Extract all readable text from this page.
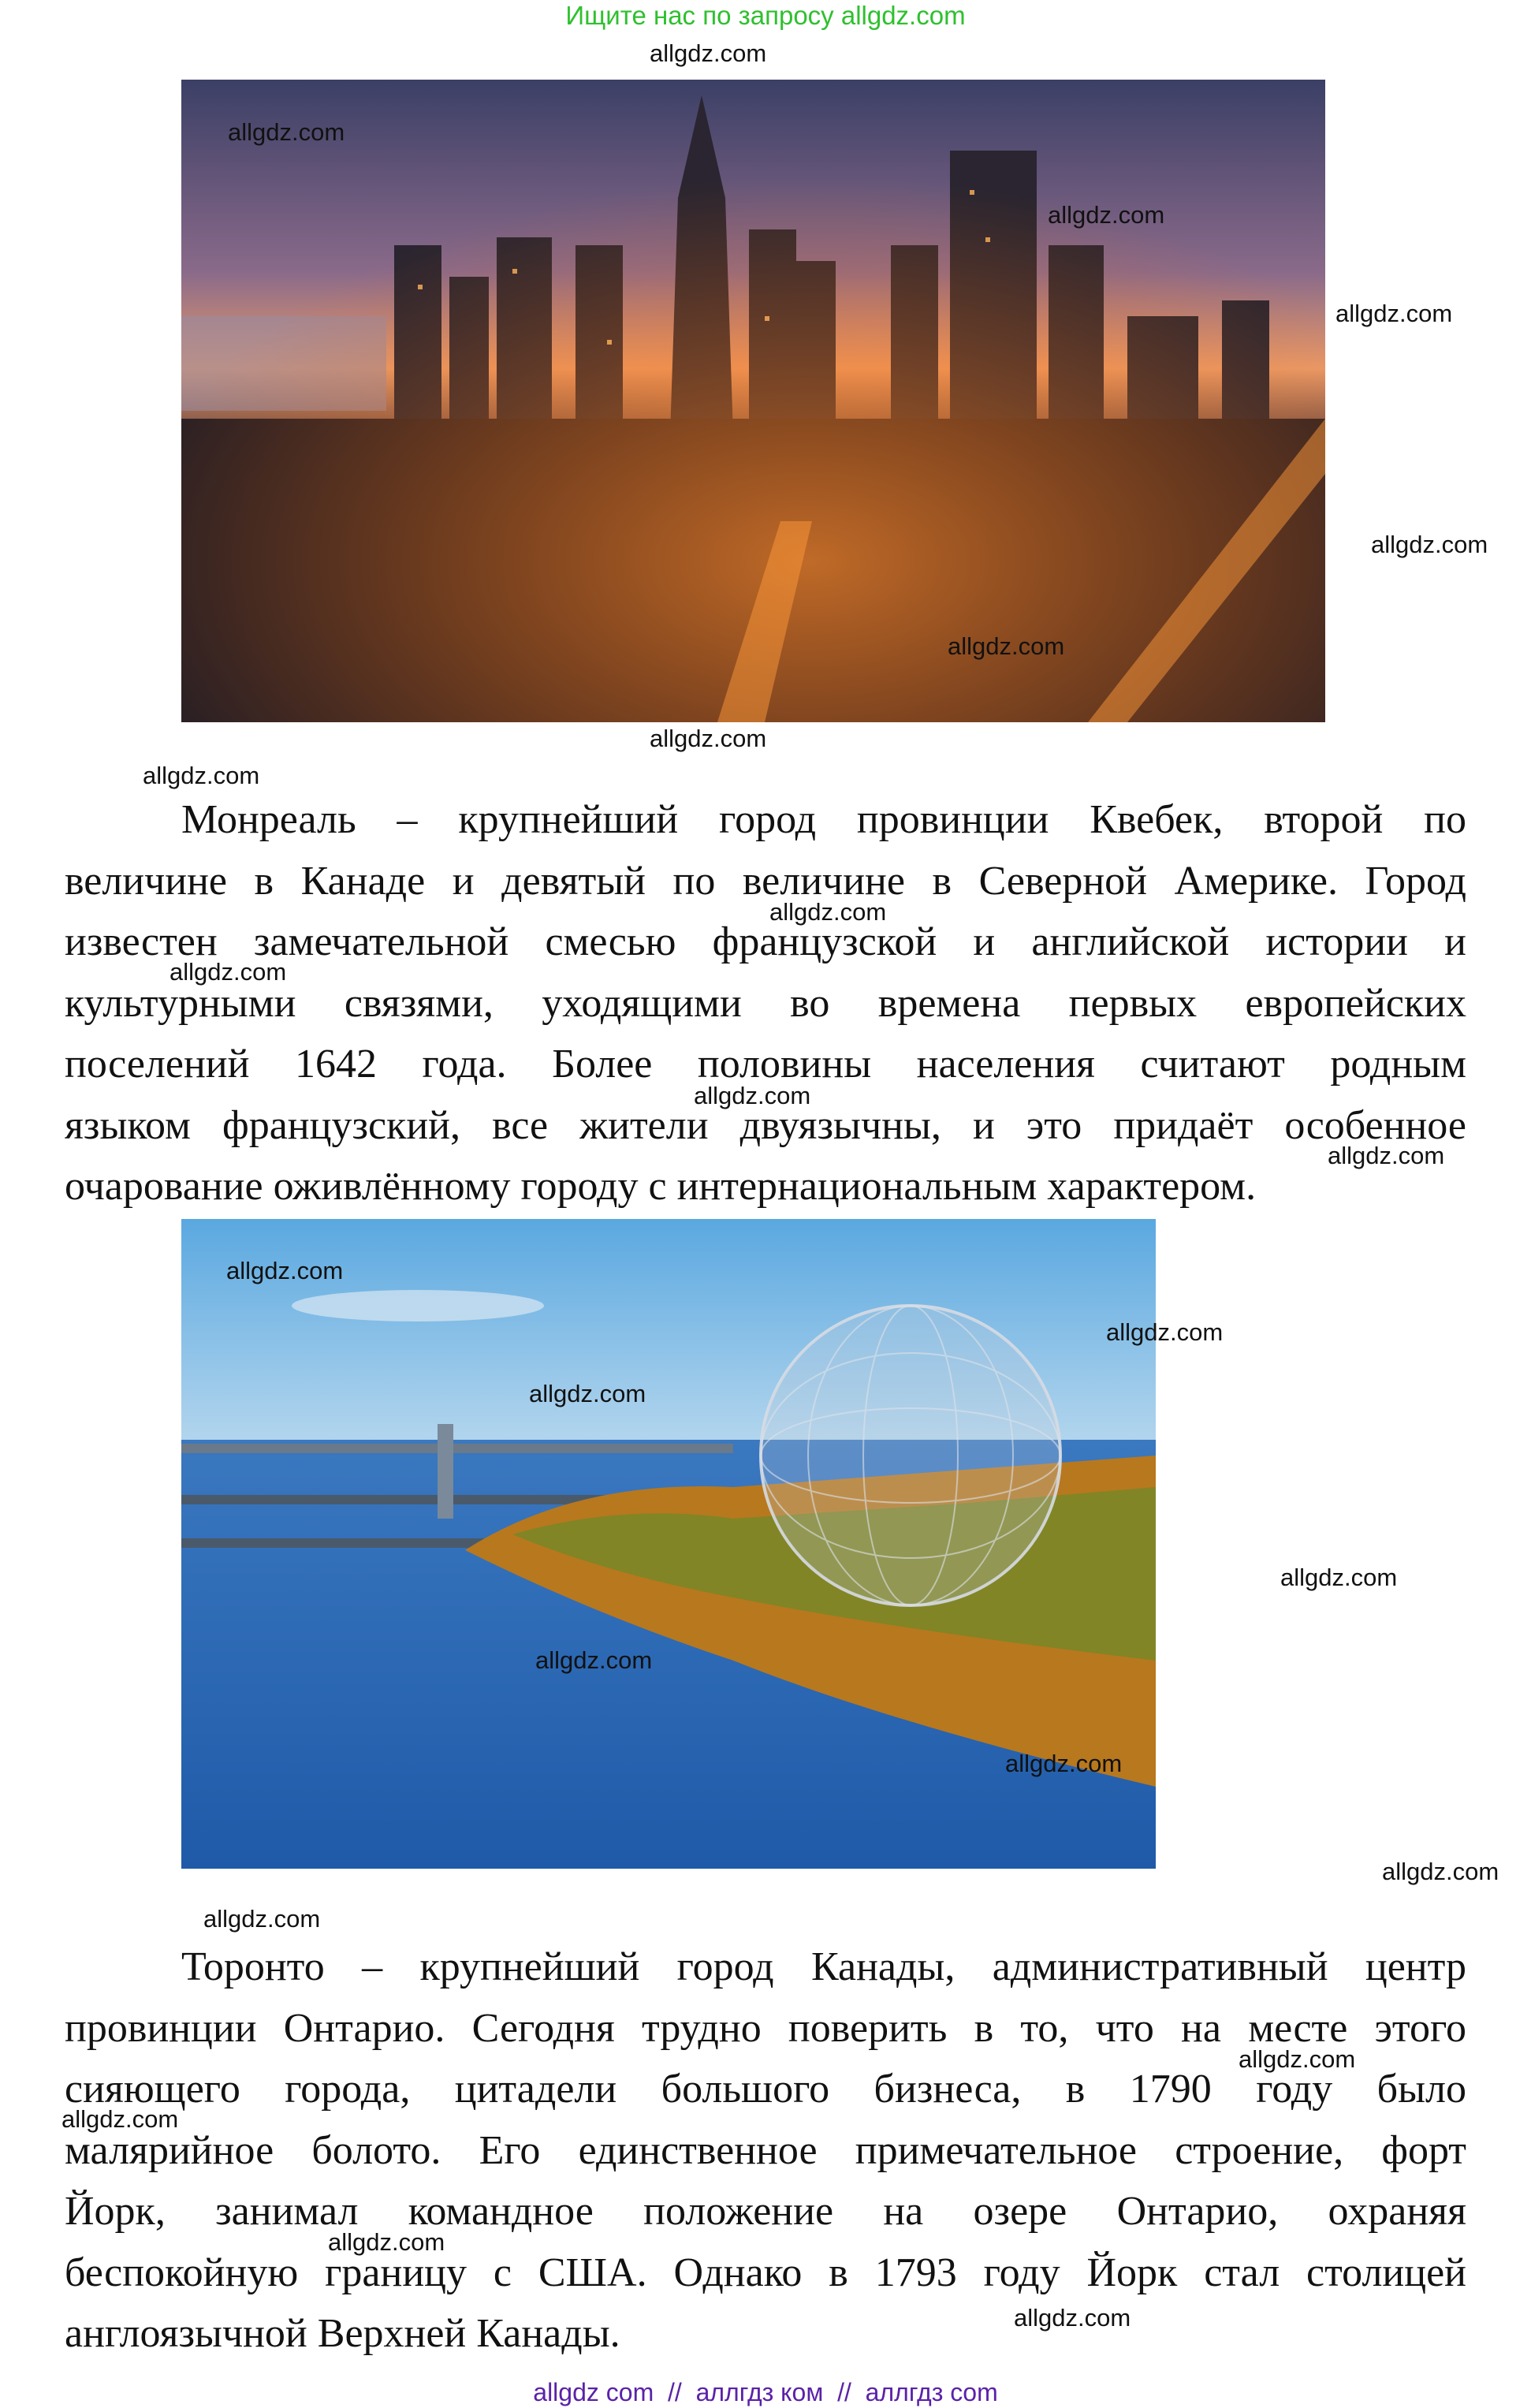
Ищите нас по запросу allgdz.com
allgdz.com
allgdz.com
allgdz.com
allgdz.com
allgdz.com
allgdz.com
allgdz.com
allgdz.com
Монреаль – крупнейший город провинции Квебек, второй по
величине в Канаде и девятый по величине в Северной Америке. Город
известен замечательной смесью французской и английской истории и
культурными связями, уходящими во времена первых европейских
поселений 1642 года. Более половины населения считают родным
языком французский, все жители двуязычны, и это придаёт особенное
очарование оживлённому городу с интернациональным характером.
allgdz.com
allgdz.com
allgdz.com
allgdz.com
allgdz.com
allgdz.com
allgdz.com
allgdz.com
allgdz.com
allgdz.com
allgdz.com
allgdz.com
Торонто – крупнейший город Канады, административный центр
провинции Онтарио. Сегодня трудно поверить в то, что на месте этого
сияющего города, цитадели большого бизнеса, в 1790 году было
малярийное болото. Его единственное примечательное строение, форт
Йорк, занимал командное положение на озере Онтарио, охраняя
беспокойную границу с США. Однако в 1793 году Йорк стал столицей
англоязычной Верхней Канады.
allgdz.com
allgdz.com
allgdz.com
allgdz.com
allgdz com  //  аллгдз ком  //  аллгдз com
